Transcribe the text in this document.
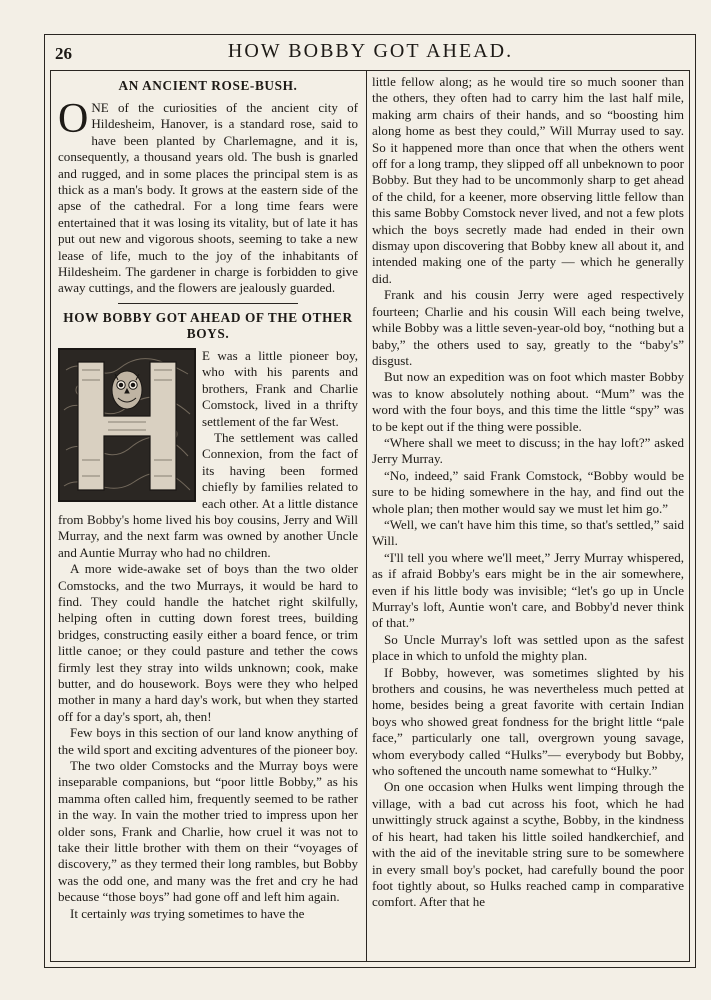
26	HOW BOBBY GOT AHEAD.
AN ANCIENT ROSE-BUSH.

ONE of the curiosities of the ancient city of Hildesheim, Hanover, is a standard rose, said to have been planted by Charlemagne, and it is, consequently, a thousand years old. The bush is gnarled and rugged, and in some places the principal stem is as thick as a man's body. It grows at the eastern side of the apse of the cathedral. For a long time fears were entertained that it was losing its vitality, but of late it has put out new and vigorous shoots, seeming to take a new lease of life, much to the joy of the inhabitants of Hildesheim. The gardener in charge is forbidden to give away cuttings, and the flowers are jealously guarded.

HOW BOBBY GOT AHEAD OF THE OTHER BOYS.

E was a little pioneer boy, who with his parents and brothers, Frank and Charlie Comstock, lived in a thrifty settlement of the far West.

The settlement was called Connexion, from the fact of its having been formed chiefly by families related to each other. At a little distance from Bobby's home lived his boy cousins, Jerry and Will Murray, and the next farm was owned by another Uncle and Auntie Murray who had no children.

A more wide-awake set of boys than the two older Comstocks, and the two Murrays, it would be hard to find. They could handle the hatchet right skilfully, helping often in cutting down forest trees, building bridges, constructing easily either a board fence, or trim little canoe; or they could pasture and tether the cows firmly lest they stray into wilds unknown; cook, make butter, and do housework. Boys were they who helped mother in many a hard day's work, but when they started off for a day's sport, ah, then!

Few boys in this section of our land know anything of the wild sport and exciting adventures of the pioneer boy.

The two older Comstocks and the Murray boys were inseparable companions, but “poor little Bobby,” as his mamma often called him, frequently seemed to be rather in the way. In vain the mother tried to impress upon her older sons, Frank and Charlie, how cruel it was not to take their little brother with them on their “voyages of discovery,” as they termed their long rambles, but Bobby was the odd one, and many was the fret and cry he had because “those boys” had gone off and left him again.

It certainly was trying sometimes to have the

little fellow along; as he would tire so much sooner than the others, they often had to carry him the last half mile, making arm chairs of their hands, and so “boosting him along home as best they could,” Will Murray used to say. So it happened more than once that when the others went off for a long tramp, they slipped off all unbeknown to poor Bobby. But they had to be uncommonly sharp to get ahead of the child, for a keener, more observing little fellow than this same Bobby Comstock never lived, and not a few plots which the boys secretly made had ended in their own dismay upon discovering that Bobby knew all about it, and intended making one of the party — which he generally did.

Frank and his cousin Jerry were aged respectively fourteen; Charlie and his cousin Will each being twelve, while Bobby was a little seven-year-old boy, “nothing but a baby,” the others used to say, greatly to the “baby's” disgust.

But now an expedition was on foot which master Bobby was to know absolutely nothing about. “Mum” was the word with the four boys, and this time the little “spy” was to be kept out if the thing were possible.

“Where shall we meet to discuss; in the hay loft?” asked Jerry Murray.

“No, indeed,” said Frank Comstock, “Bobby would be sure to be hiding somewhere in the hay, and find out the whole plan; then mother would say we must let him go.”

“Well, we can't have him this time, so that's settled,” said Will.

“I'll tell you where we'll meet,” Jerry Murray whispered, as if afraid Bobby's ears might be in the air somewhere, even if his little body was invisible; “let's go up in Uncle Murray's loft, Auntie won't care, and Bobby'd never think of that.”

So Uncle Murray's loft was settled upon as the safest place in which to unfold the mighty plan.

If Bobby, however, was sometimes slighted by his brothers and cousins, he was nevertheless much petted at home, besides being a great favorite with certain Indian boys who showed great fondness for the bright little “pale face,” particularly one tall, overgrown young savage, whom everybody called “Hulks”— everybody but Bobby, who softened the uncouth name somewhat to “Hulky.”

On one occasion when Hulks went limping through the village, with a bad cut across his foot, which he had unwittingly struck against a scythe, Bobby, in the kindness of his heart, had taken his little soiled handkerchief, and with the aid of the inevitable string sure to be somewhere in every small boy's pocket, had carefully bound the poor foot tightly about, so Hulks reached camp in comparative comfort. After that he
